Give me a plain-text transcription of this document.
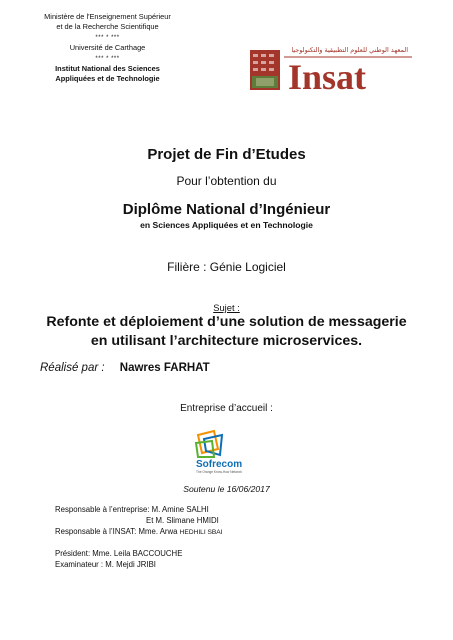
Ministère de l'Enseignement Supérieur
et de la Recherche Scientifique
*** * ***
Université de Carthage
*** * ***
Institut National des Sciences
Appliquées et de Technologie
المعهد الوطني للعلوم التطبيقية والتكنولوجيا
Insat
Projet de Fin d’Etudes
Pour l’obtention du
Diplôme National d’Ingénieur
en Sciences Appliquées et en Technologie
Filière : Génie Logiciel
Sujet :
Refonte et déploiement d’une solution de messagerie
en utilisant l’architecture microservices.
Réalisé par : Nawres FARHAT
Entreprise d’accueil :
Sofrecom
The Orange Know-How Network
Soutenu le 16/06/2017
Responsable à l’entreprise: M. Amine SALHI
Et M. Slimane HMIDI
Responsable à l’INSAT: Mme. Arwa HEDHILI SBAI
Président: Mme. Leila BACCOUCHE
Examinateur : M. Mejdi JRIBI
